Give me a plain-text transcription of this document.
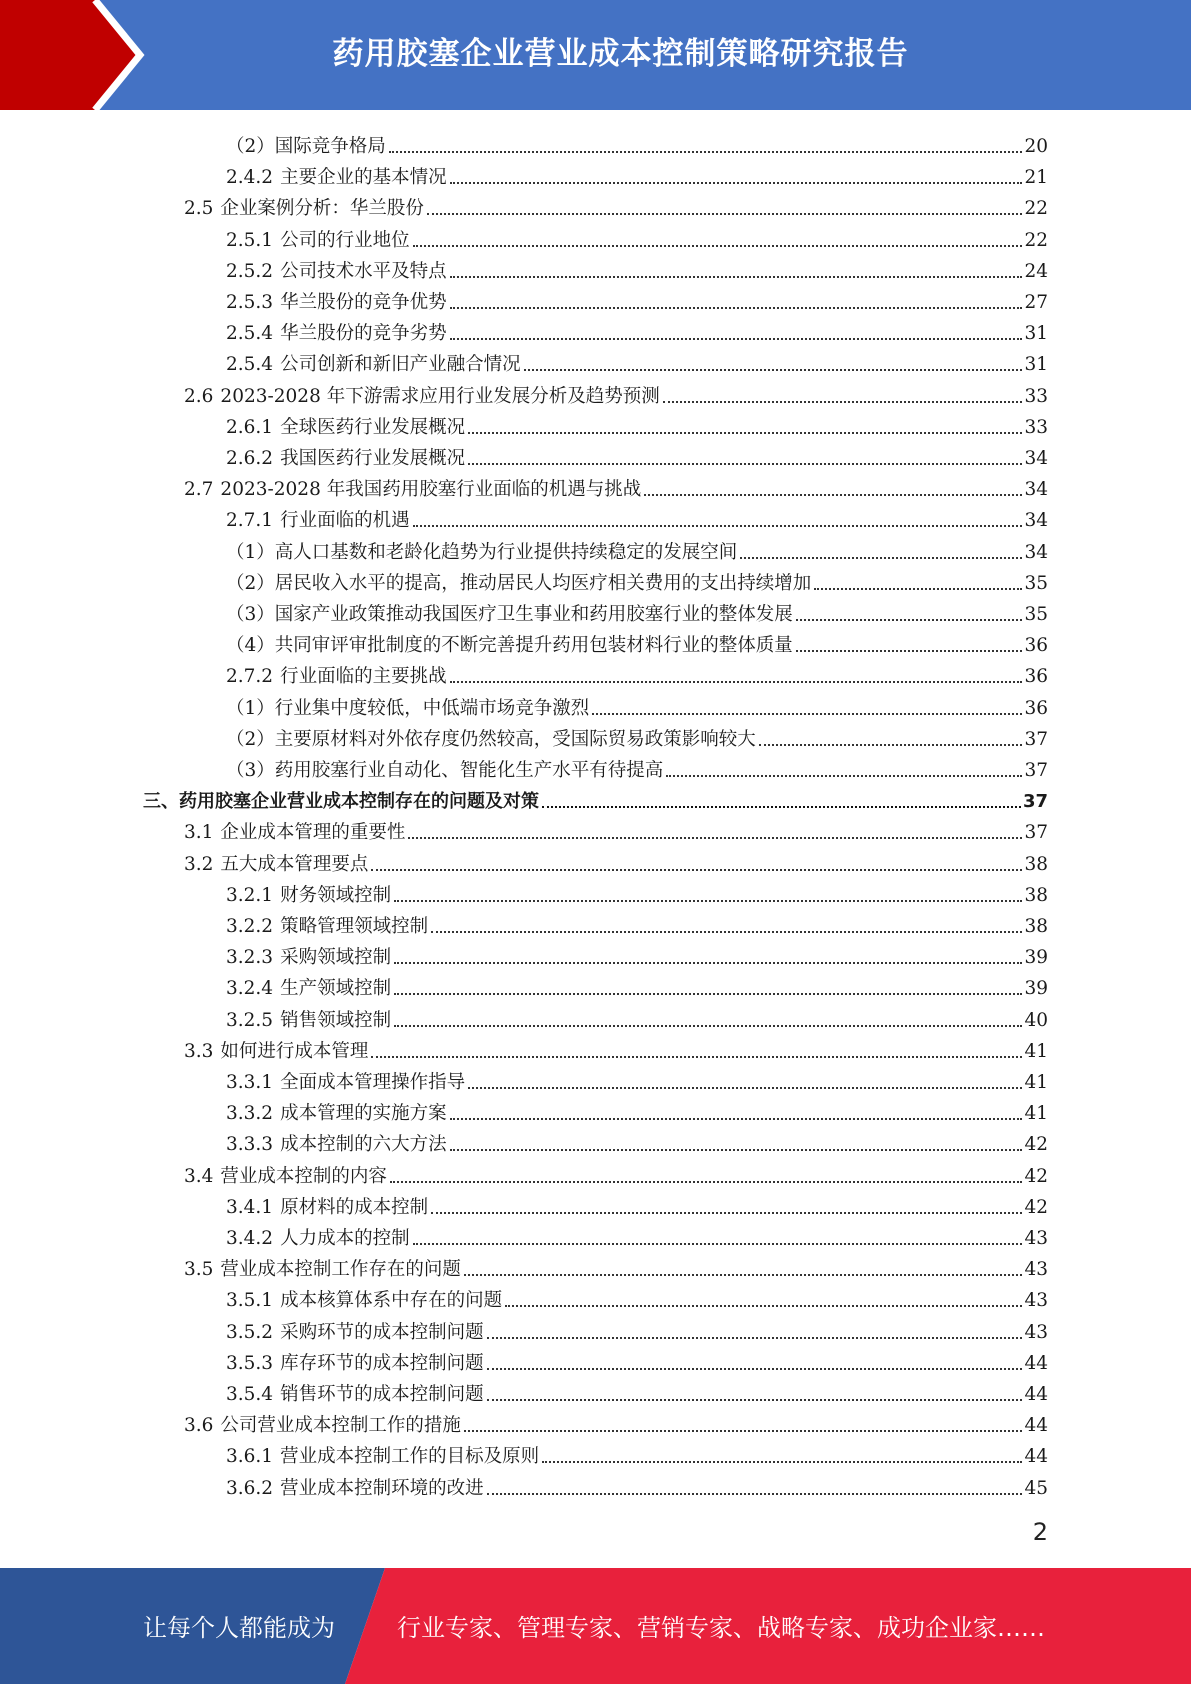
药用胶塞企业营业成本控制策略研究报告
（2） 国际竞争格局	20
2.4.2 主要企业的基本情况	21
2.5 企业案例分析：华兰股份	22
2.5.1 公司的行业地位	22
2.5.2 公司技术水平及特点	24
2.5.3 华兰股份的竞争优势	27
2.5.4 华兰股份的竞争劣势	31
2.5.4 公司创新和新旧产业融合情况	31
2.6 2023-2028 年下游需求应用行业发展分析及趋势预测	33
2.6.1 全球医药行业发展概况	33
2.6.2 我国医药行业发展概况	34
2.7 2023-2028 年我国药用胶塞行业面临的机遇与挑战	34
2.7.1 行业面临的机遇	34
（1） 高人口基数和老龄化趋势为行业提供持续稳定的发展空间	34
（2） 居民收入水平的提高，推动居民人均医疗相关费用的支出持续增加	35
（3） 国家产业政策推动我国医疗卫生事业和药用胶塞行业的整体发展	35
（4） 共同审评审批制度的不断完善提升药用包装材料行业的整体质量	36
2.7.2 行业面临的主要挑战	36
（1） 行业集中度较低，中低端市场竞争激烈	36
（2） 主要原材料对外依存度仍然较高，受国际贸易政策影响较大	37
（3） 药用胶塞行业自动化、智能化生产水平有待提高	37
三、 药用胶塞企业营业成本控制存在的问题及对策	37
3.1 企业成本管理的重要性	37
3.2 五大成本管理要点	38
3.2.1 财务领域控制	38
3.2.2 策略管理领域控制	38
3.2.3 采购领域控制	39
3.2.4 生产领域控制	39
3.2.5 销售领域控制	40
3.3 如何进行成本管理	41
3.3.1 全面成本管理操作指导	41
3.3.2 成本管理的实施方案	41
3.3.3 成本控制的六大方法	42
3.4 营业成本控制的内容	42
3.4.1 原材料的成本控制	42
3.4.2 人力成本的控制	43
3.5 营业成本控制工作存在的问题	43
3.5.1 成本核算体系中存在的问题	43
3.5.2 采购环节的成本控制问题	43
3.5.3 库存环节的成本控制问题	44
3.5.4 销售环节的成本控制问题	44
3.6 公司营业成本控制工作的措施	44
3.6.1 营业成本控制工作的目标及原则	44
3.6.2 营业成本控制环境的改进	45
2
让每个人都能成为	行业专家、管理专家、营销专家、战略专家、成功企业家……
